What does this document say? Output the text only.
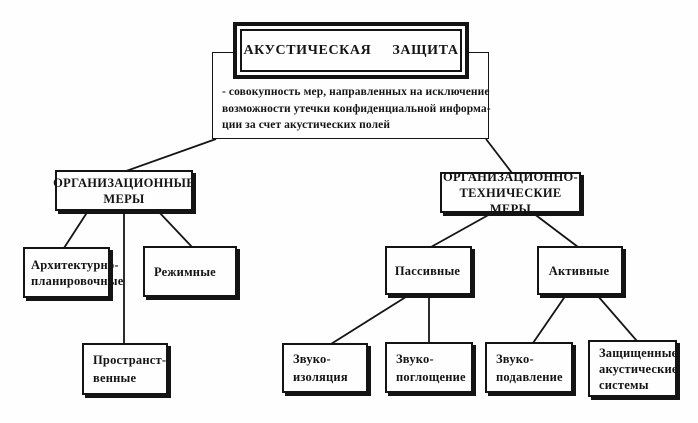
- совокупность мер, направленных на исключение
возможности утечки конфиденциальной информа-
ции за счет акустических полей
АКУСТИЧЕСКАЯ ЗАЩИТА
ОРГАНИЗАЦИОННЫЕ
МЕРЫ
ОРГАНИЗАЦИОННО-
ТЕХНИЧЕСКИЕ МЕРЫ
Архитектурно-
планировочные
Режимные
Пространст-
венные
Пассивные	Активные
Звуко-
изоляция
Звуко-
поглощение
Звуко-
подавление
Защищенные
акустические
системы
